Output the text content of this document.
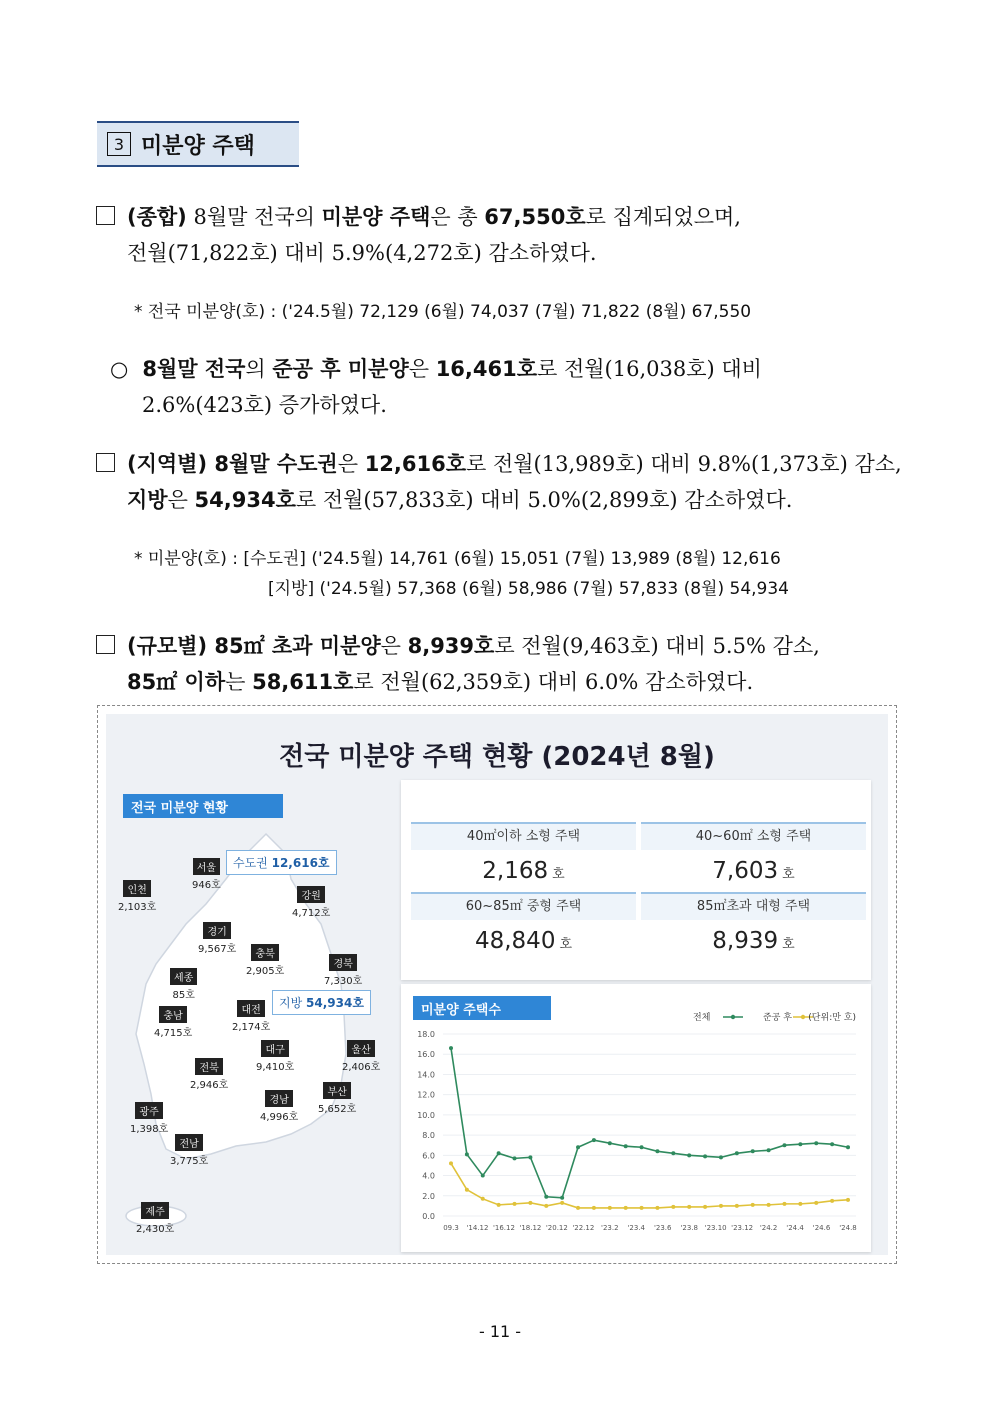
3 미분양 주택
(종합) 8월말 전국의 미분양 주택은 총 67,550호로 집계되었으며,
전월(71,822호) 대비 5.9%(4,272호) 감소하였다.
* 전국 미분양(호) : ('24.5월) 72,129 (6월) 74,037 (7월) 71,822 (8월) 67,550
○ 8월말 전국의 준공 후 미분양은 16,461호로 전월(16,038호) 대비
2.6%(423호) 증가하였다.
(지역별) 8월말 수도권은 12,616호로 전월(13,989호) 대비 9.8%(1,373호) 감소,
지방은 54,934호로 전월(57,833호) 대비 5.0%(2,899호) 감소하였다.
* 미분양(호) : [수도권] ('24.5월) 14,761 (6월) 15,051 (7월) 13,989 (8월) 12,616
[지방] ('24.5월) 57,368 (6월) 58,986 (7월) 57,833 (8월) 54,934
(규모별) 85㎡ 초과 미분양은 8,939호로 전월(9,463호) 대비 5.5% 감소,
85㎡ 이하는 58,611호로 전월(62,359호) 대비 6.0% 감소하였다.
전국 미분양 주택 현황 (2024년 8월)
전국 미분양 현황
서울
946호
인천
2,103호
강원
4,712호
경기
9,567호	충북
2,905호
세종
85호
경북
7,330호
충남
4,715호
대전
2,174호
대구
9,410호
울산
2,406호
전북
2,946호
부산
5,652호
경남
4,996호
광주
1,398호
전남
3,775호
제주
2,430호
수도권 12,616호
지방 54,934호
40㎡이하 소형 주택
2,168 호
40~60㎡ 소형 주택
7,603 호
60~85㎡ 중형 주택
48,840 호
85㎡초과 대형 주택
8,939 호
미분양 주택수
18.0
16.0
14.0
12.0
10.0
8.0
6.0
4.0
2.0
0.0
09.3 '14.12 '16.12 '18.12 '20.12 '22.12 '23.2 '23.4 '23.6 '23.8 '23.10 '23.12 '24.2 '24.4 '24.6 '24.8
전체	준공 후 (단위:만 호)
- 11 -
